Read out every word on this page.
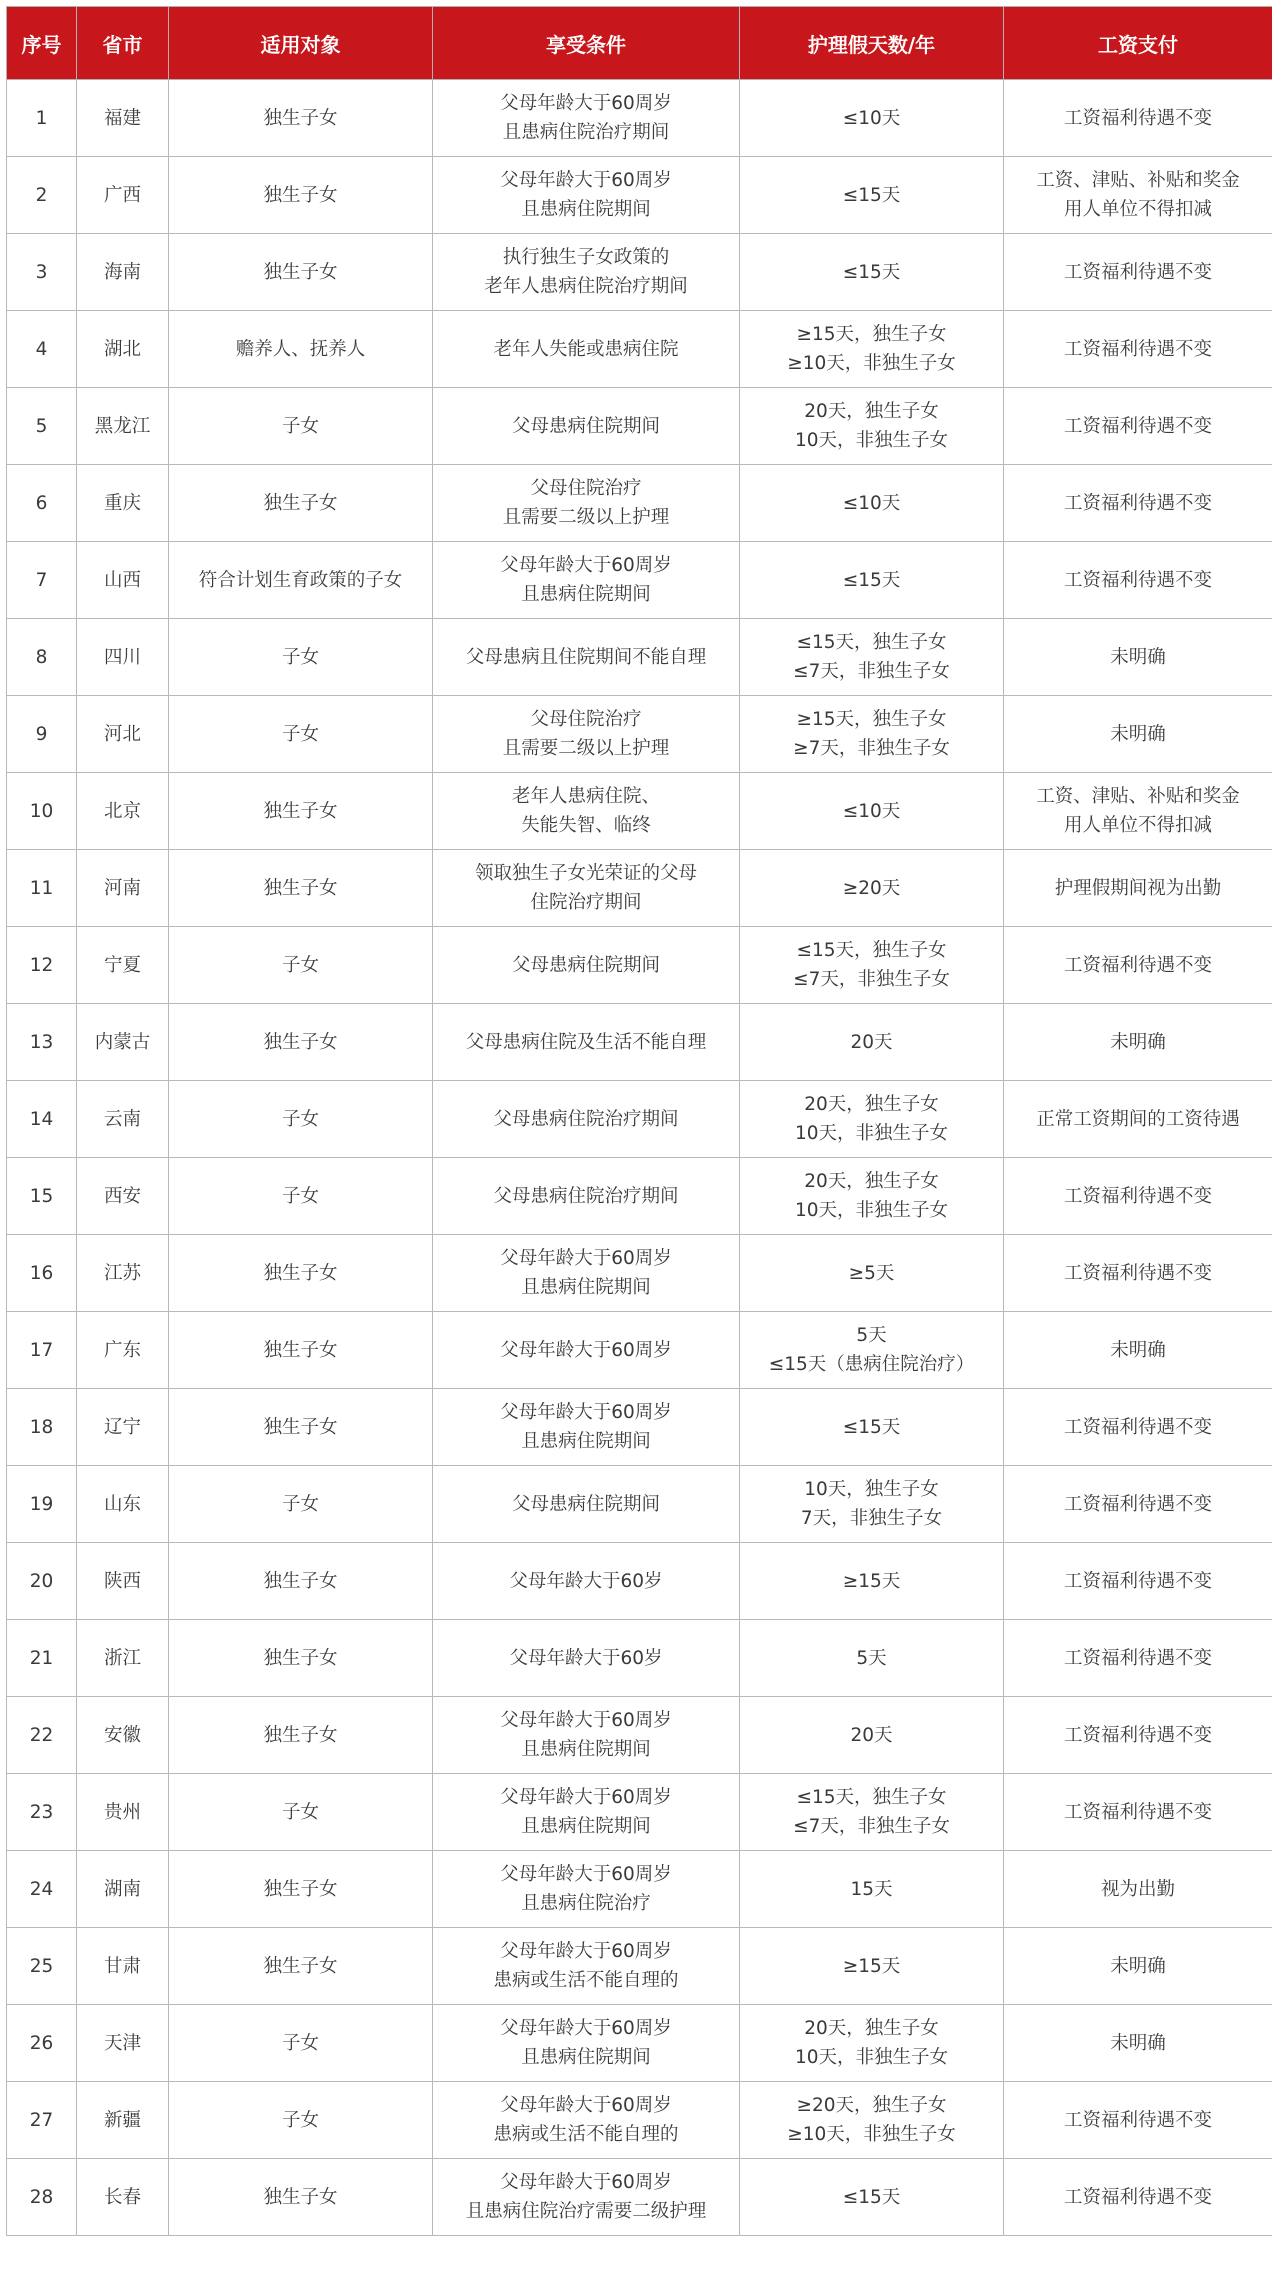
序号	省市	适用对象	享受条件	护理假天数/年	工资支付
1	福建	独生子女	父母年龄大于60周岁
且患病住院治疗期间	≤10天	工资福利待遇不变
2	广西	独生子女	父母年龄大于60周岁
且患病住院期间	≤15天	工资、津贴、补贴和奖金
用人单位不得扣减
3	海南	独生子女	执行独生子女政策的
老年人患病住院治疗期间	≤15天	工资福利待遇不变
4	湖北	赡养人、抚养人	老年人失能或患病住院	≥15天，独生子女
≥10天，非独生子女	工资福利待遇不变
5	黑龙江	子女	父母患病住院期间	20天，独生子女
10天，非独生子女	工资福利待遇不变
6	重庆	独生子女	父母住院治疗
且需要二级以上护理	≤10天	工资福利待遇不变
7	山西	符合计划生育政策的子女	父母年龄大于60周岁
且患病住院期间	≤15天	工资福利待遇不变
8	四川	子女	父母患病且住院期间不能自理	≤15天，独生子女
≤7天，非独生子女	未明确
9	河北	子女	父母住院治疗
且需要二级以上护理	≥15天，独生子女
≥7天，非独生子女	未明确
10	北京	独生子女	老年人患病住院、
失能失智、临终	≤10天	工资、津贴、补贴和奖金
用人单位不得扣减
11	河南	独生子女	领取独生子女光荣证的父母
住院治疗期间	≥20天	护理假期间视为出勤
12	宁夏	子女	父母患病住院期间	≤15天，独生子女
≤7天，非独生子女	工资福利待遇不变
13	内蒙古	独生子女	父母患病住院及生活不能自理	20天	未明确
14	云南	子女	父母患病住院治疗期间	20天，独生子女
10天，非独生子女	正常工资期间的工资待遇
15	西安	子女	父母患病住院治疗期间	20天，独生子女
10天，非独生子女	工资福利待遇不变
16	江苏	独生子女	父母年龄大于60周岁
且患病住院期间	≥5天	工资福利待遇不变
17	广东	独生子女	父母年龄大于60周岁	5天
≤15天（患病住院治疗）	未明确
18	辽宁	独生子女	父母年龄大于60周岁
且患病住院期间	≤15天	工资福利待遇不变
19	山东	子女	父母患病住院期间	10天，独生子女
7天，非独生子女	工资福利待遇不变
20	陕西	独生子女	父母年龄大于60岁	≥15天	工资福利待遇不变
21	浙江	独生子女	父母年龄大于60岁	5天	工资福利待遇不变
22	安徽	独生子女	父母年龄大于60周岁
且患病住院期间	20天	工资福利待遇不变
23	贵州	子女	父母年龄大于60周岁
且患病住院期间	≤15天，独生子女
≤7天，非独生子女	工资福利待遇不变
24	湖南	独生子女	父母年龄大于60周岁
且患病住院治疗	15天	视为出勤
25	甘肃	独生子女	父母年龄大于60周岁
患病或生活不能自理的	≥15天	未明确
26	天津	子女	父母年龄大于60周岁
且患病住院期间	20天，独生子女
10天，非独生子女	未明确
27	新疆	子女	父母年龄大于60周岁
患病或生活不能自理的	≥20天，独生子女
≥10天，非独生子女	工资福利待遇不变
28	长春	独生子女	父母年龄大于60周岁
且患病住院治疗需要二级护理	≤15天	工资福利待遇不变
